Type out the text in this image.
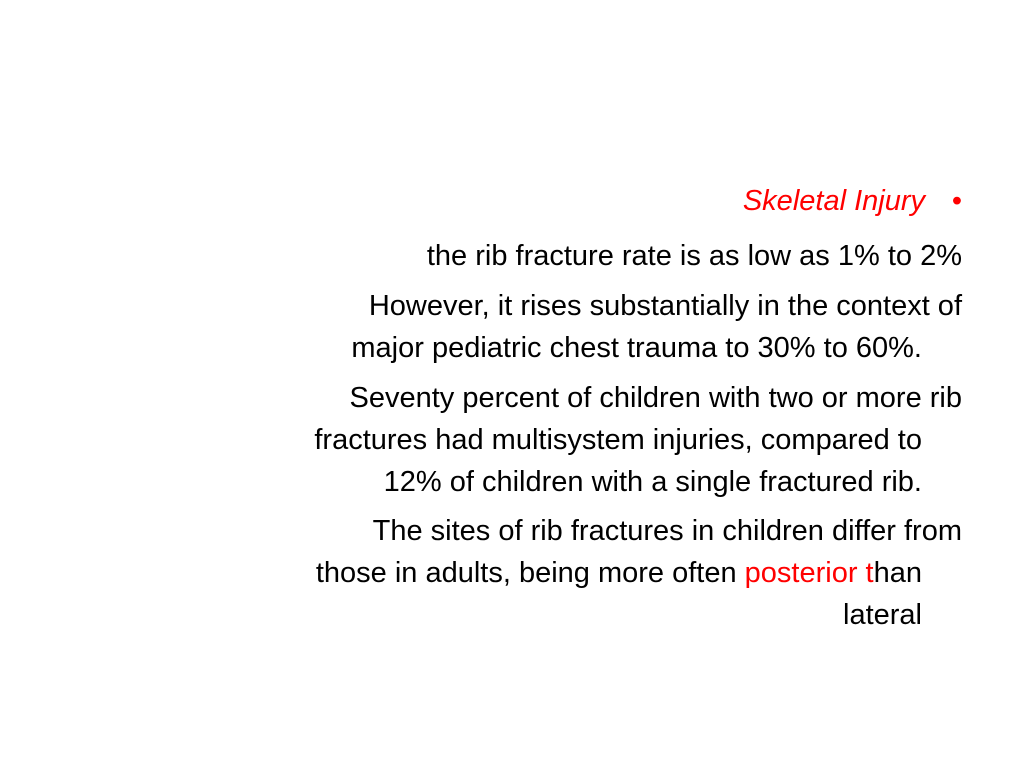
•

Skeletal Injury

the rib fracture rate is as low as 1% to 2%

However, it rises substantially in the context of

major pediatric chest trauma to 30% to 60%.

Seventy percent of children with two or more rib

fractures had multisystem injuries, compared to

12% of children with a single fractured rib.

The sites of rib fractures in children differ from

those in adults, being more often posterior than

lateral
